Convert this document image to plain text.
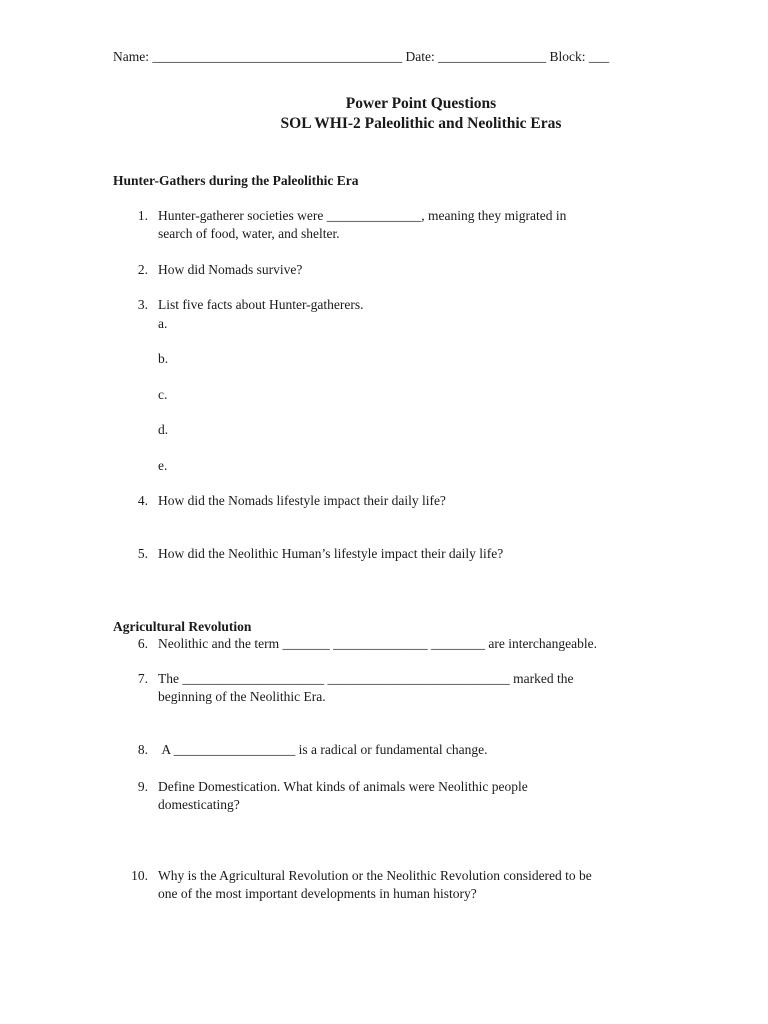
Name: _____________________________________ Date: ________________ Block: ___
Power Point Questions
SOL WHI-2 Paleolithic and Neolithic Eras
Hunter-Gathers during the Paleolithic Era
1. Hunter-gatherer societies were ______________, meaning they migrated in
search of food, water, and shelter.
2. How did Nomads survive?
3. List five facts about Hunter-gatherers.
a.
b.
c.
d.
e.
4. How did the Nomads lifestyle impact their daily life?
5. How did the Neolithic Human’s lifestyle impact their daily life?
Agricultural Revolution
6. Neolithic and the term _______ ______________ ________ are interchangeable.
7. The _____________________ ___________________________ marked the
beginning of the Neolithic Era.
8. A __________________ is a radical or fundamental change.
9. Define Domestication. What kinds of animals were Neolithic people
domesticating?
10. Why is the Agricultural Revolution or the Neolithic Revolution considered to be
one of the most important developments in human history?
